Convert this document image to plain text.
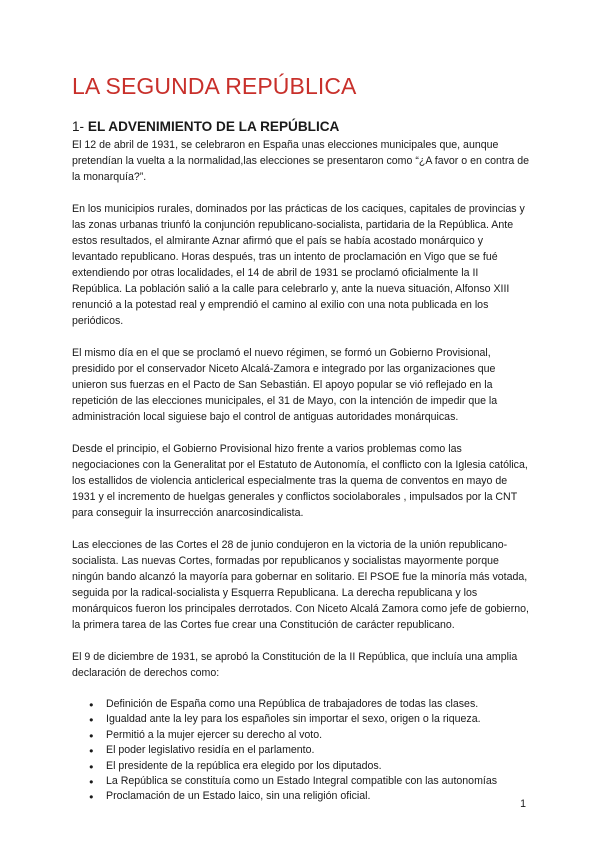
LA SEGUNDA REPÚBLICA
1- EL ADVENIMIENTO DE LA REPÚBLICA

El 12 de abril de 1931, se celebraron en España unas elecciones municipales que, aunque pretendían la vuelta a la normalidad,las elecciones se presentaron como “¿A favor o en contra de la monarquía?”.

En los municipios rurales, dominados por las prácticas de los caciques, capitales de provincias y las zonas urbanas triunfó la conjunción republicano-socialista, partidaria de la República. Ante estos resultados, el almirante Aznar afirmó que el país se había acostado monárquico y levantado republicano. Horas después, tras un intento de proclamación en Vigo que se fué extendiendo por otras localidades, el 14 de abril de 1931 se proclamó oficialmente la II República. La población salió a la calle para celebrarlo y, ante la nueva situación, Alfonso XIII renunció a la potestad real y emprendió el camino al exilio con una nota publicada en los periódicos.

El mismo día en el que se proclamó el nuevo régimen, se formó un Gobierno Provisional, presidido por el conservador Niceto Alcalá-Zamora e integrado por las organizaciones que unieron sus fuerzas en el Pacto de San Sebastián. El apoyo popular se vió reflejado en la repetición de las elecciones municipales, el 31 de Mayo, con la intención de impedir que la administración local siguiese bajo el control de antiguas autoridades monárquicas.

Desde el principio, el Gobierno Provisional hizo frente a varios problemas como las negociaciones con la Generalitat por el Estatuto de Autonomía, el conflicto con la Iglesia católica, los estallidos de violencia anticlerical especialmente tras la quema de conventos en mayo de 1931 y el incremento de huelgas generales y conflictos sociolaborales , impulsados por la CNT para conseguir la insurrección anarcosindicalista.

Las elecciones de las Cortes el 28 de junio condujeron en la victoria de la unión republicano-socialista. Las nuevas Cortes, formadas por republicanos y socialistas mayormente porque ningún bando alcanzó la mayoría para gobernar en solitario. El PSOE fue la minoría más votada, seguida por la radical-socialista y Esquerra Republicana. La derecha republicana y los monárquicos fueron los principales derrotados. Con Niceto Alcalá Zamora como jefe de gobierno, la primera tarea de las Cortes fue crear una Constitución de carácter republicano.

El 9 de diciembre de 1931, se aprobó la Constitución de la II República, que incluía una amplia declaración de derechos como:

● Definición de España como una República de trabajadores de todas las clases.
● Igualdad ante la ley para los españoles sin importar el sexo, origen o la riqueza.
● Permitió a la mujer ejercer su derecho al voto.
● El poder legislativo residía en el parlamento.
● El presidente de la república era elegido por los diputados.
● La República se constituía como un Estado Integral compatible con las autonomías
● Proclamación de un Estado laico, sin una religión oficial.
1
